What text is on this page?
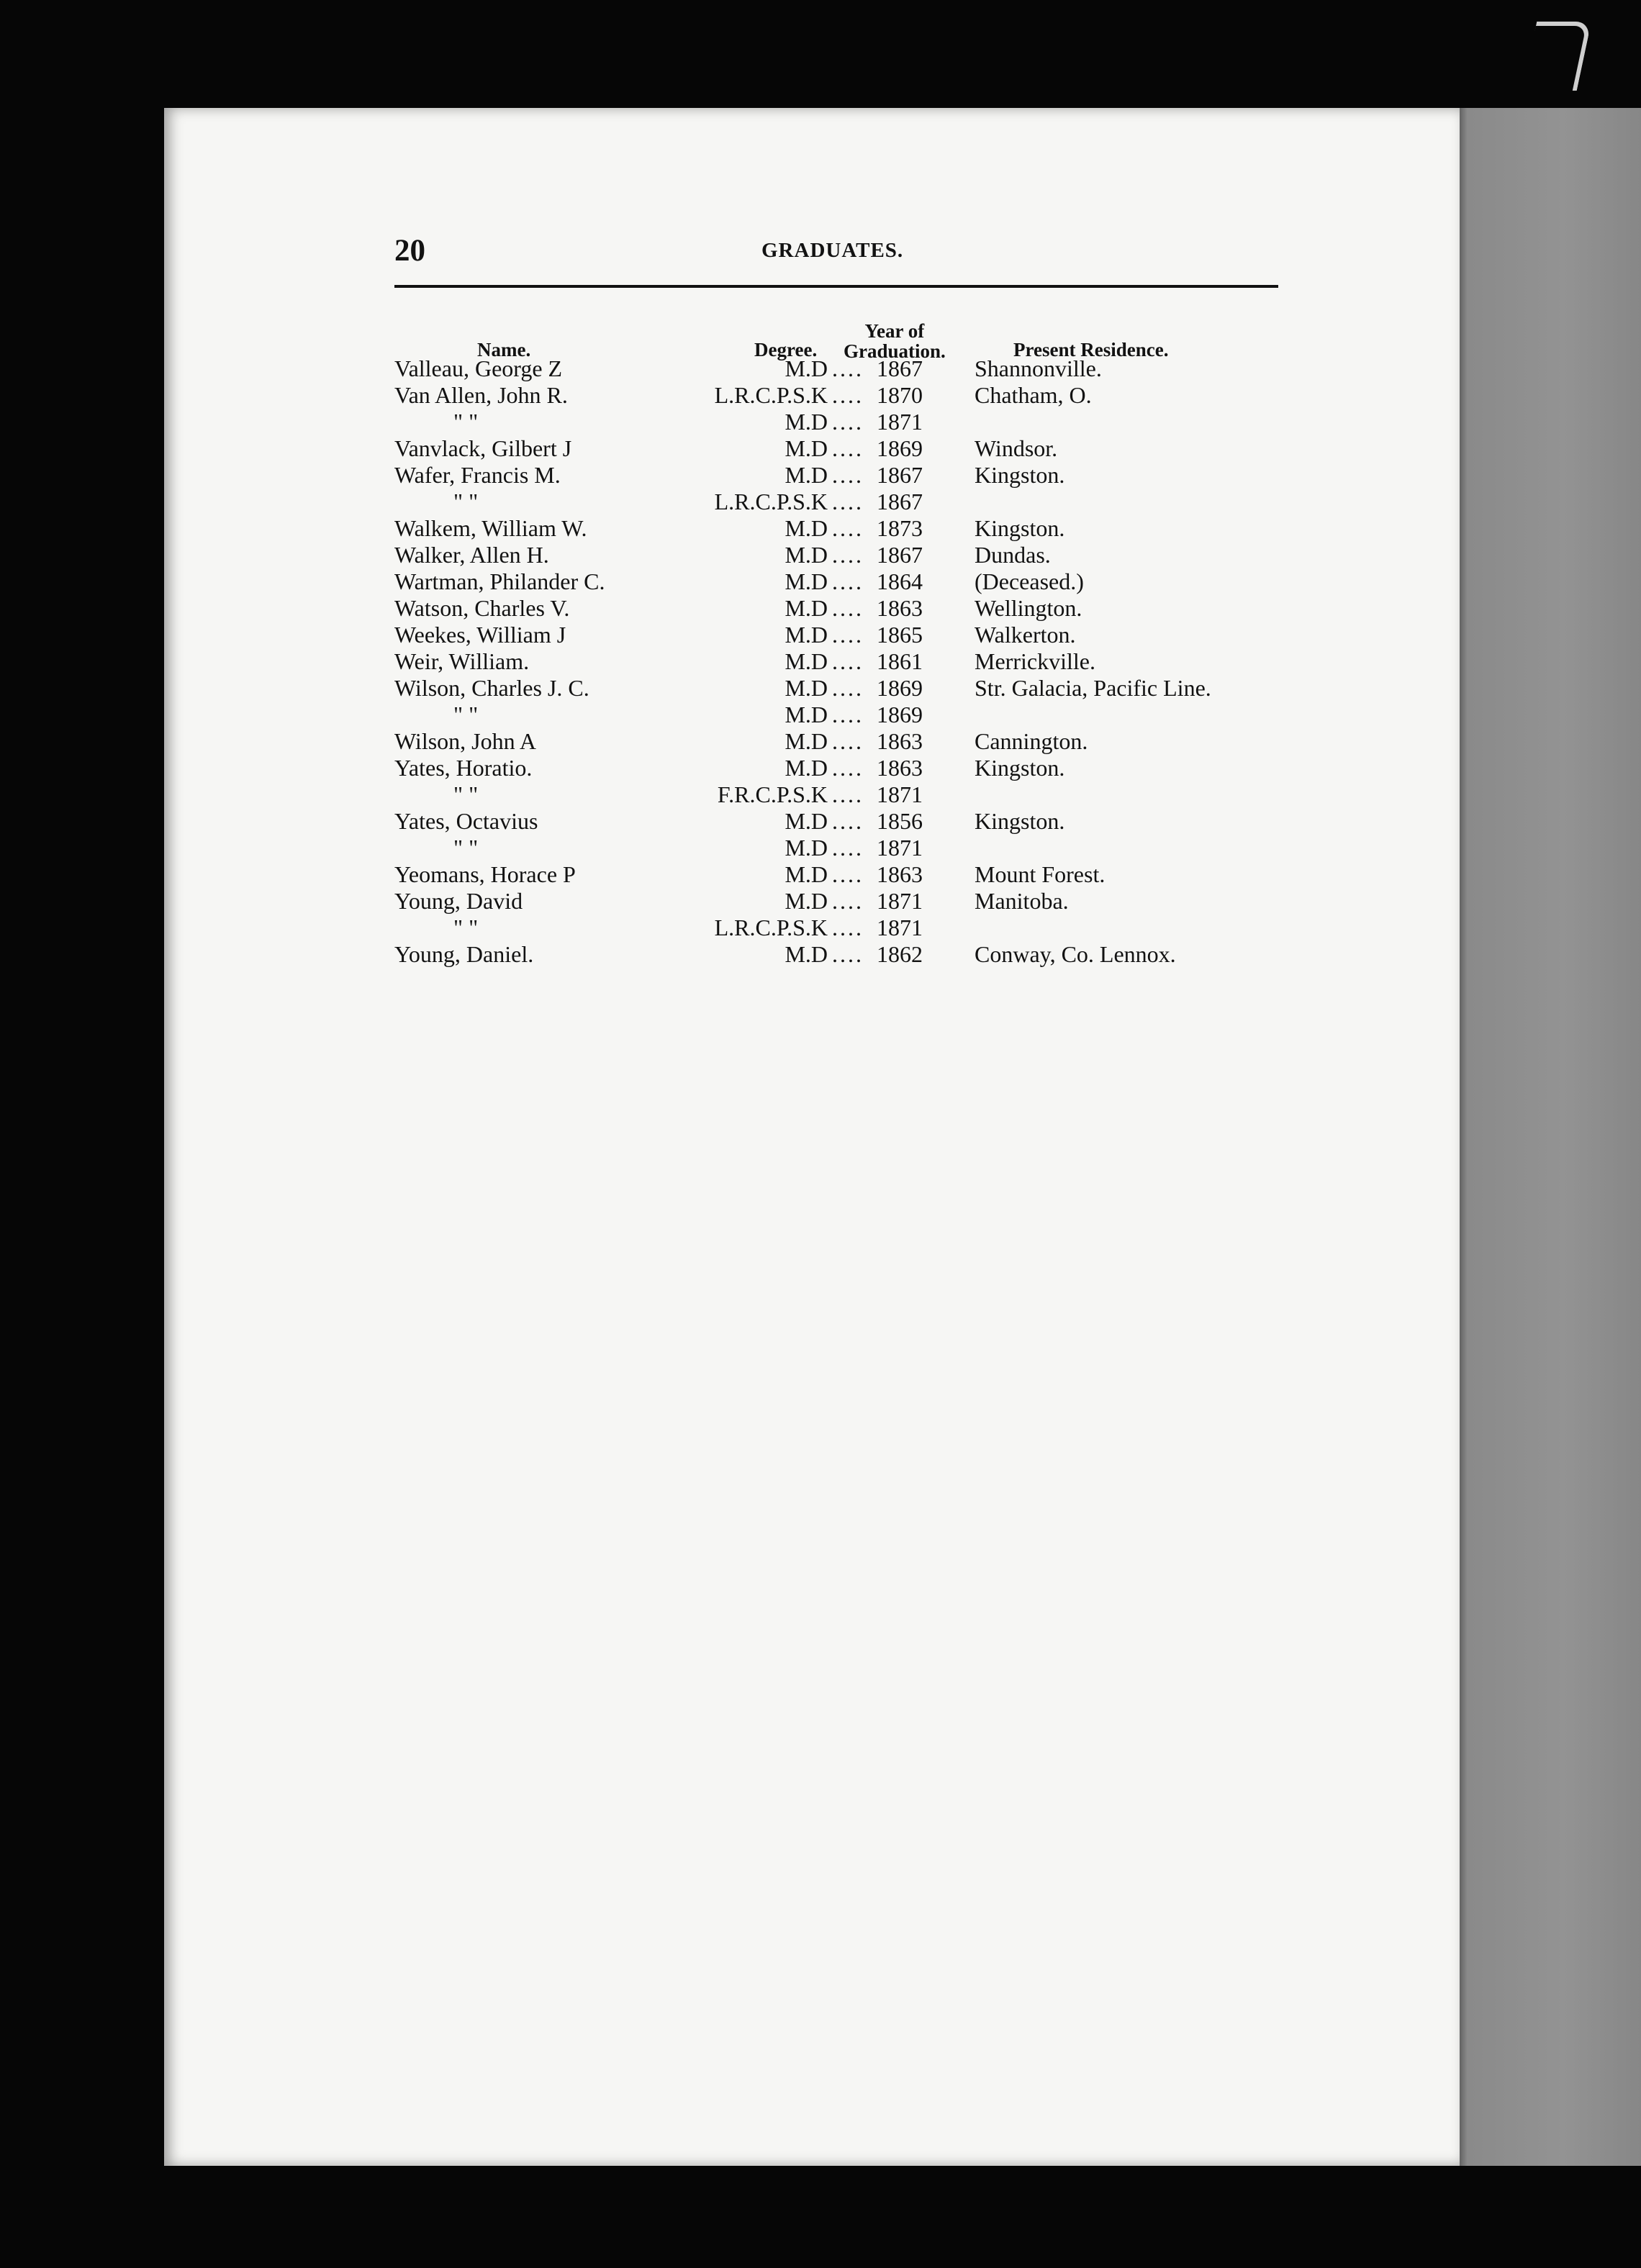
20	GRADUATES.
Name.	Degree.
Year of
Graduation.	Present Residence.
Valleau, George Z	M.D .... 1867 Shannonville.
Van Allen, John R.	L.R.C.P.S.K .... 1870 Chatham, O.
" "	M.D .... 1871
Vanvlack, Gilbert J	M.D .... 1869 Windsor.
Wafer, Francis M.	M.D .... 1867 Kingston.
" "	L.R.C.P.S.K .... 1867
Walkem, William W.	M.D .... 1873 Kingston.
Walker, Allen H.	M.D .... 1867 Dundas.
Wartman, Philander C.	M.D .... 1864 (Deceased.)
Watson, Charles V.	M.D .... 1863 Wellington.
Weekes, William J	M.D .... 1865 Walkerton.
Weir, William.	M.D .... 1861 Merrickville.
Wilson, Charles J. C.	M.D .... 1869 Str. Galacia, Pacific Line.
" "	M.D .... 1869
Wilson, John A	M.D .... 1863 Cannington.
Yates, Horatio.	M.D .... 1863 Kingston.
" "	F.R.C.P.S.K .... 1871
Yates, Octavius	M.D .... 1856 Kingston.
" "	M.D .... 1871
Yeomans, Horace P	M.D .... 1863 Mount Forest.
Young, David	M.D .... 1871 Manitoba.
" "	L.R.C.P.S.K .... 1871
Young, Daniel.	M.D .... 1862 Conway, Co. Lennox.
